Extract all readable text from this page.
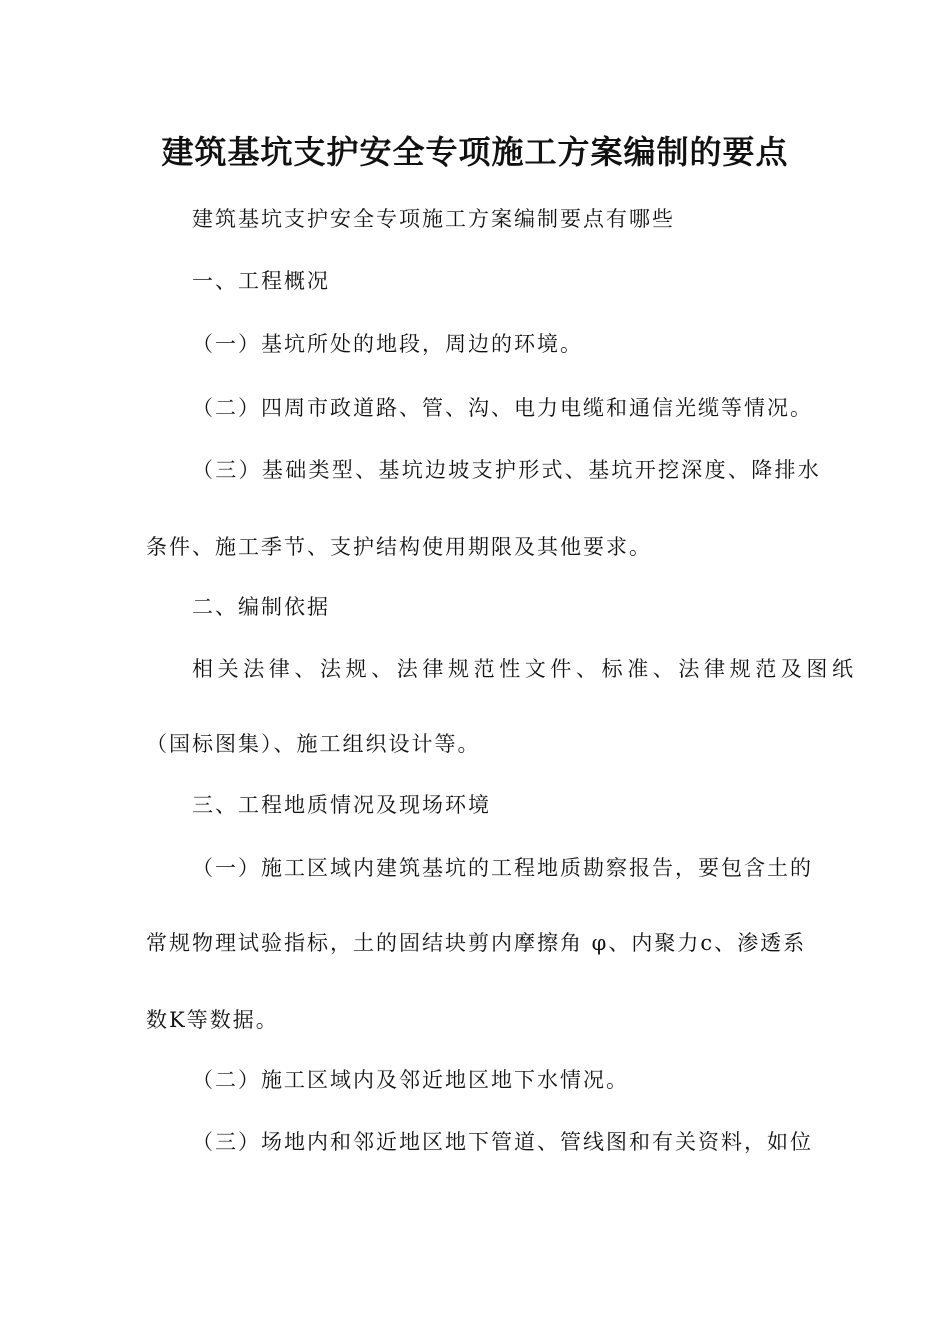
建筑基坑支护安全专项施工方案编制的要点
建筑基坑支护安全专项施工方案编制要点有哪些
一、工程概况
（一）基坑所处的地段，周边的环境。
（二）四周市政道路、管、沟、电力电缆和通信光缆等情况。
（三）基础类型、基坑边坡支护形式、基坑开挖深度、降排水
条件、施工季节、支护结构使用期限及其他要求。
二、编制依据
相关法律、法规、法律规范性文件、标准、法律规范及图纸
（国标图集）、施工组织设计等。
三、工程地质情况及现场环境
（一）施工区域内建筑基坑的工程地质勘察报告，要包含土的
常规物理试验指标，土的固结块剪内摩擦角 φ、内聚力c、渗透系
数K等数据。
（二）施工区域内及邻近地区地下水情况。
（三）场地内和邻近地区地下管道、管线图和有关资料，如位
